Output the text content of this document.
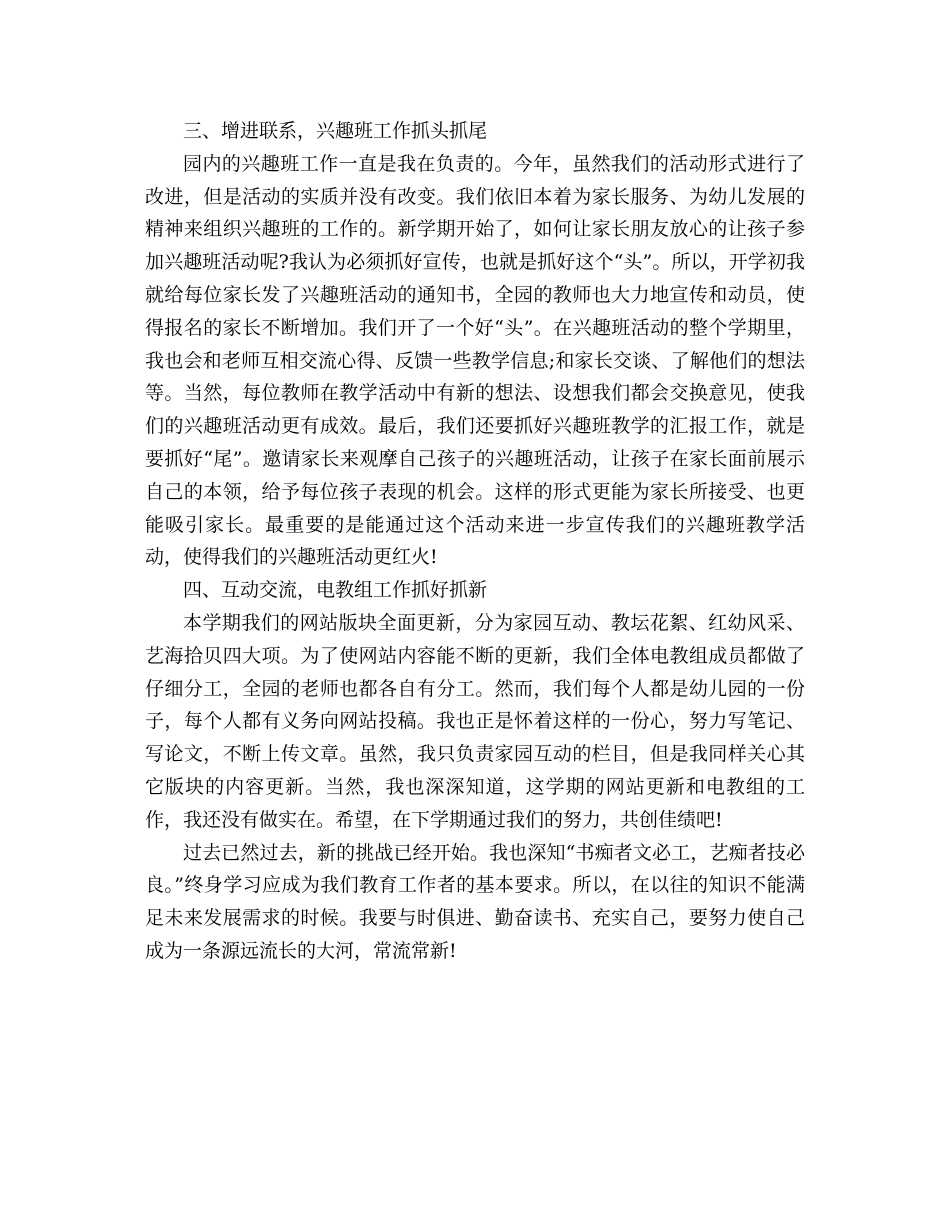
三、增进联系，兴趣班工作抓头抓尾

园内的兴趣班工作一直是我在负责的。今年，虽然我们的活动形式进行了改进，但是活动的实质并没有改变。我们依旧本着为家长服务、为幼儿发展的精神来组织兴趣班的工作的。新学期开始了，如何让家长朋友放心的让孩子参加兴趣班活动呢?我认为必须抓好宣传，也就是抓好这个“头”。所以，开学初我就给每位家长发了兴趣班活动的通知书，全园的教师也大力地宣传和动员，使得报名的家长不断增加。我们开了一个好“头”。在兴趣班活动的整个学期里，我也会和老师互相交流心得、反馈一些教学信息;和家长交谈、了解他们的想法等。当然，每位教师在教学活动中有新的想法、设想我们都会交换意见，使我们的兴趣班活动更有成效。最后，我们还要抓好兴趣班教学的汇报工作，就是要抓好“尾”。邀请家长来观摩自己孩子的兴趣班活动，让孩子在家长面前展示自己的本领，给予每位孩子表现的机会。这样的形式更能为家长所接受、也更能吸引家长。最重要的是能通过这个活动来进一步宣传我们的兴趣班教学活动，使得我们的兴趣班活动更红火!

四、互动交流，电教组工作抓好抓新

本学期我们的网站版块全面更新，分为家园互动、教坛花絮、红幼风采、艺海拾贝四大项。为了使网站内容能不断的更新，我们全体电教组成员都做了仔细分工，全园的老师也都各自有分工。然而，我们每个人都是幼儿园的一份子，每个人都有义务向网站投稿。我也正是怀着这样的一份心，努力写笔记、写论文，不断上传文章。虽然，我只负责家园互动的栏目，但是我同样关心其它版块的内容更新。当然，我也深深知道，这学期的网站更新和电教组的工作，我还没有做实在。希望，在下学期通过我们的努力，共创佳绩吧!

过去已然过去，新的挑战已经开始。我也深知“书痴者文必工，艺痴者技必良。”终身学习应成为我们教育工作者的基本要求。所以，在以往的知识不能满足未来发展需求的时候。我要与时俱进、勤奋读书、充实自己，要努力使自己成为一条源远流长的大河，常流常新!
